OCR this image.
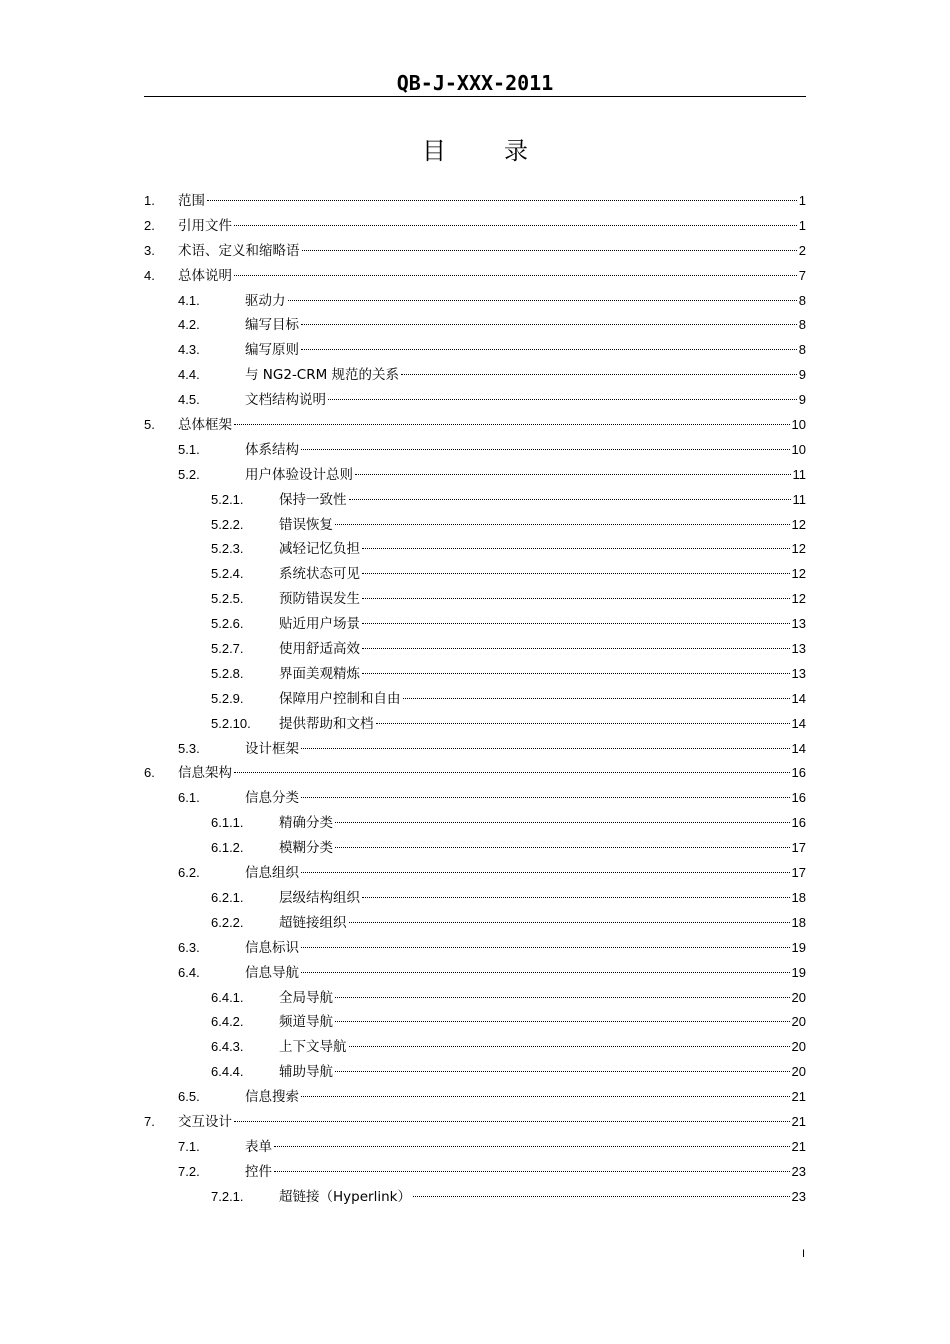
QB-J-XXX-2011
目 录
1.	范围	1
2.	引用文件	1
3.	术语、定义和缩略语	2
4.	总体说明	7
4.1.	驱动力	8
4.2.	编写目标	8
4.3.	编写原则	8
4.4.	与 NG2-CRM 规范的关系	9
4.5.	文档结构说明	9
5.	总体框架	10
5.1.	体系结构	10
5.2.	用户体验设计总则	11
5.2.1.	保持一致性	11
5.2.2.	错误恢复	12
5.2.3.	减轻记忆负担	12
5.2.4.	系统状态可见	12
5.2.5.	预防错误发生	12
5.2.6.	贴近用户场景	13
5.2.7.	使用舒适高效	13
5.2.8.	界面美观精炼	13
5.2.9.	保障用户控制和自由	14
5.2.10.	提供帮助和文档	14
5.3.	设计框架	14
6.	信息架构	16
6.1.	信息分类	16
6.1.1.	精确分类	16
6.1.2.	模糊分类	17
6.2.	信息组织	17
6.2.1.	层级结构组织	18
6.2.2.	超链接组织	18
6.3.	信息标识	19
6.4.	信息导航	19
6.4.1.	全局导航	20
6.4.2.	频道导航	20
6.4.3.	上下文导航	20
6.4.4.	辅助导航	20
6.5.	信息搜索	21
7.	交互设计	21
7.1.	表单	21
7.2.	控件	23
7.2.1.	超链接（Hyperlink）	23
I
